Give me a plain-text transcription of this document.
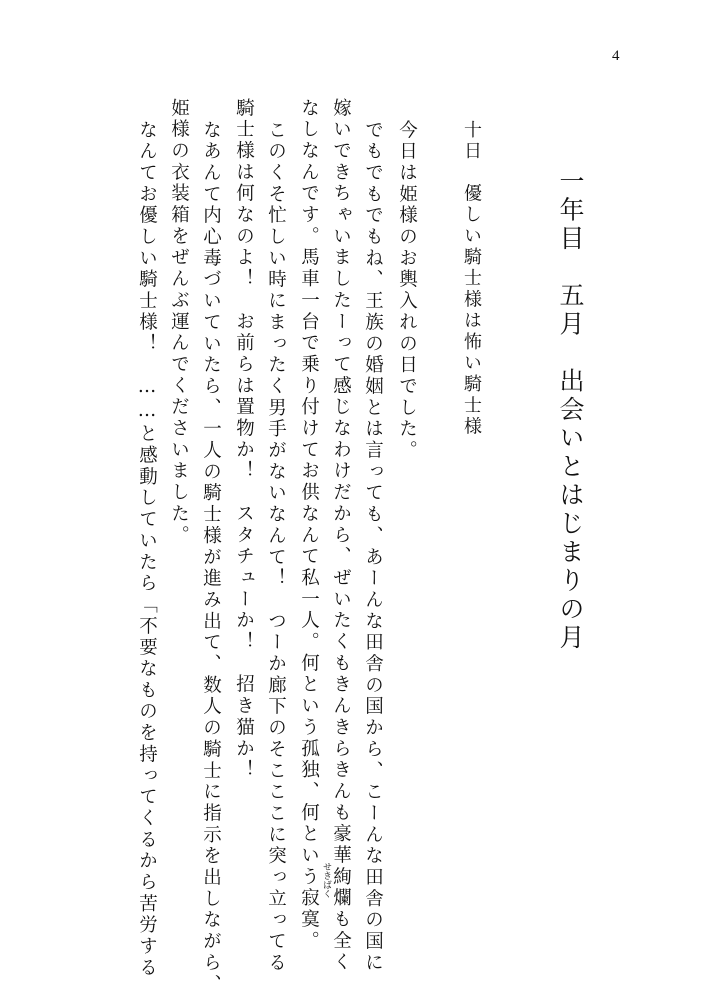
4
一年目　五月　出会いとはじまりの月
十日　優しい騎士様は怖い騎士様
今日は姫様のお輿入れの日でした。
でもでもでもね、王族の婚姻とは言っても、あーんな田舎の国から、こーんな田舎の国に
嫁いできちゃいましたーって感じなわけだから、ぜいたくもきんきらきんも豪華絢爛も全く
なしなんです。馬車一台で乗り付けてお供なんて私一人。何という孤独、何という寂寞。 せきばく
このくそ忙しい時にまったく男手がないなんて！　つーか廊下のそこここに突っ立ってる
騎士様は何なのよ！　お前らは置物か！　スタチューか！　招き猫か！
なあんて内心毒づいていたら、一人の騎士様が進み出て、数人の騎士に指示を出しながら、
姫様の衣装箱をぜんぶ運んでくださいました。
なんてお優しい騎士様！　……と感動していたら「不要なものを持ってくるから苦労する
